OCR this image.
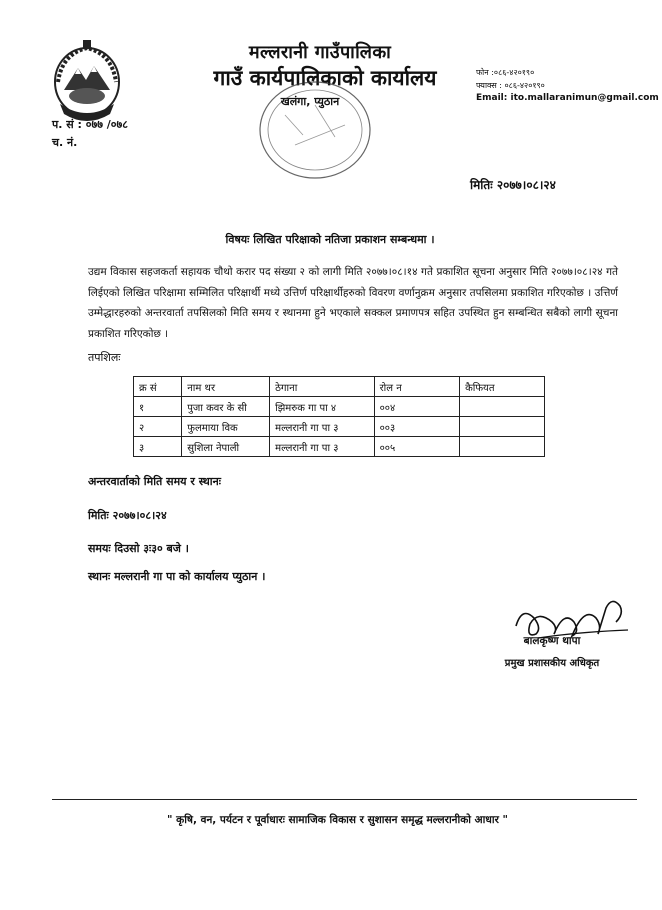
मल्लरानी गाउँपालिका
गाउँ कार्यपालिकाको कार्यालय
खलंगा, प्युठान
फोन :०८६-४२०१९०
फ्याक्स : ०८६-४२०१९०
Email: ito.mallaranimun@gmail.com
प. सं : ०७७ /०७८
च. नं.
मितिः २०७७।०८।२४
विषयः लिखित परिक्षाको नतिजा प्रकाशन सम्बन्धमा ।
उद्यम विकास सहजकर्ता सहायक चौथो करार पद संख्या २ को लागी मिति २०७७।०८।१४ गते प्रकाशित सूचना अनुसार मिति २०७७।०८।२४ गते लिईएको लिखित परिक्षामा सम्मिलित परिक्षार्थी मध्ये उत्तिर्ण परिक्षार्थीहरुको विवरण वर्णानुक्रम अनुसार तपसिलमा प्रकाशित गरिएकोछ । उत्तिर्ण उम्मेद्धारहरुको अन्तरवार्ता तपसिलको मिति समय र स्थानमा हुने भएकाले सक्कल प्रमाणपत्र सहित उपस्थित हुन सम्बन्धित सबैको लागी सूचना प्रकाशित गरिएकोछ ।
तपशिलः
क्र सं	नाम थर	ठेगाना	रोल न	कैफियत
१	पुजा कवर के सी	झिमरुक गा पा ४	००४	
२	फुलमाया विक	मल्लरानी गा पा ३	००३	
३	सुशिला नेपाली	मल्लरानी गा पा ३	००५	
अन्तरवार्ताको मिति समय र स्थानः
मितिः २०७७।०८।२४
समयः दिउसो ३ः३० बजे ।
स्थानः मल्लरानी गा पा को कार्यालय प्युठान ।
बालकृष्ण थापा
प्रमुख प्रशासकीय अधिकृत
" कृषि, वन, पर्यटन र पूर्वाधारः सामाजिक विकास र सुशासन समृद्ध मल्लरानीको आधार "
